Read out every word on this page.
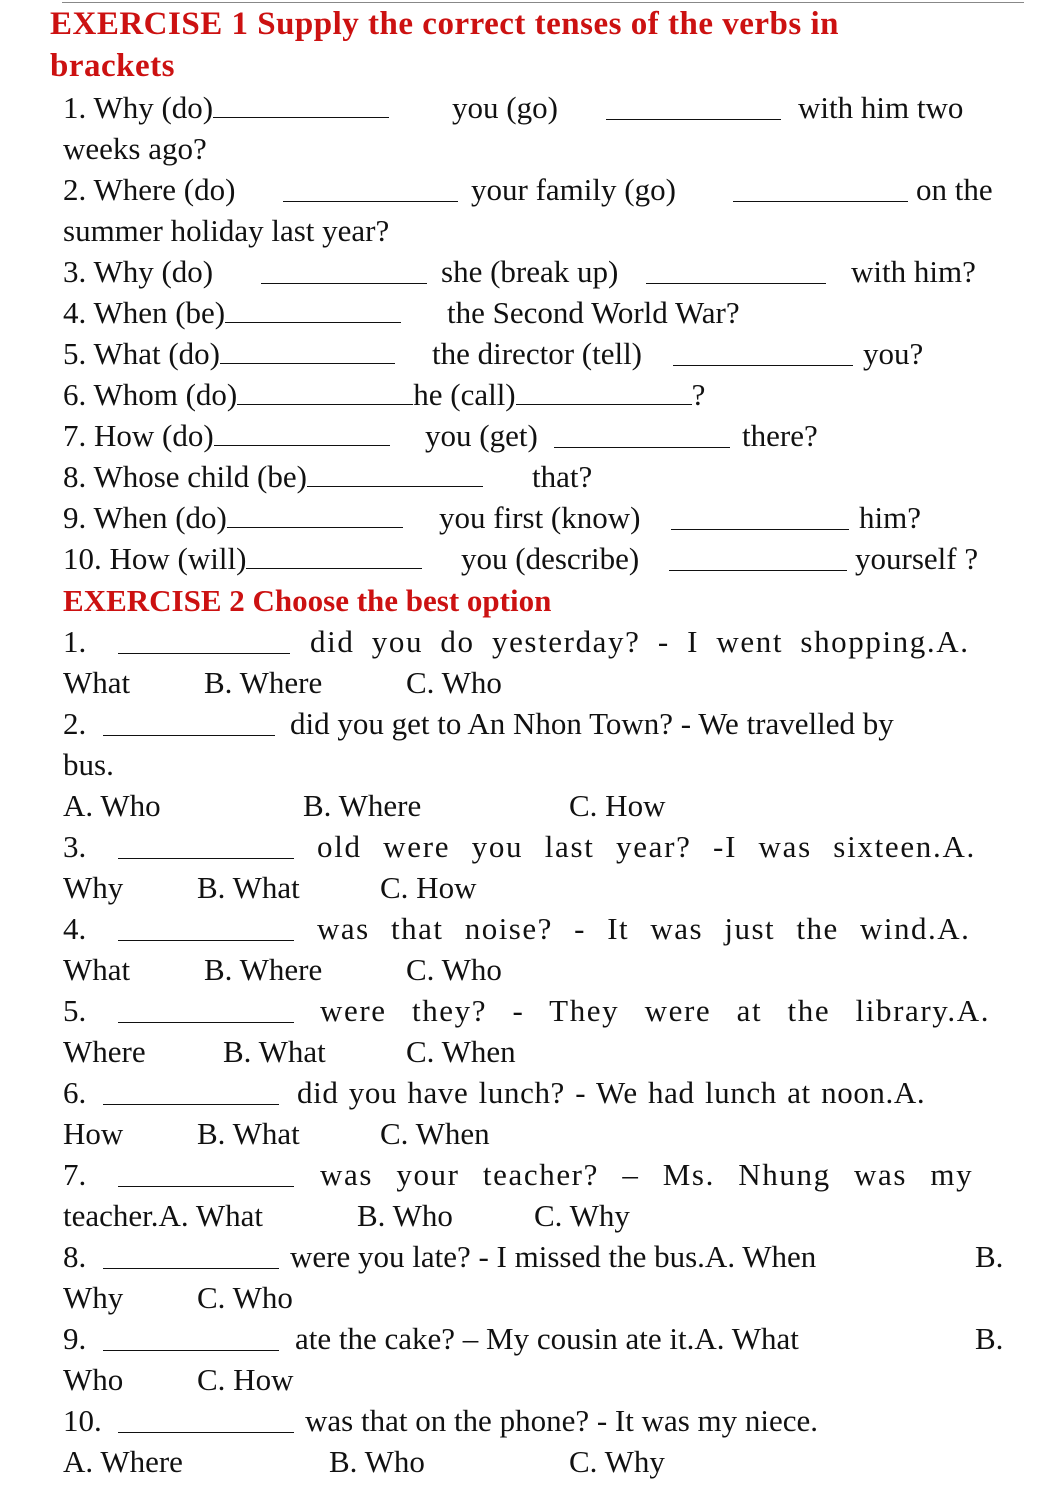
EXERCISE 1 Supply the correct tenses of the verbs in
brackets
1. Why (do)	you (go)	with him two
weeks ago?
2. Where (do)	your family (go)	on the
summer holiday last year?
3. Why (do)	she (break up)	with him?
4. When (be)	the Second World War?
5. What (do)	the director (tell)	you?
6. Whom (do)	he (call)	?
7. How (do)	you (get)	there?
8. Whose child (be)	that?
9. When (do)	you first (know)	him?
10. How (will)	you (describe)	yourself ?
EXERCISE 2 Choose the best option
1.	did you do yesterday? - I went shopping.A.
What B. Where	C. Who
2.	did you get to An Nhon Town? - We travelled by
bus.
A. Who	B. Where	C. How
3.	old were you last year? -I was sixteen.A.
Why B. What	C. How
4.	was that noise? - It was just the wind.A.
What B. Where	C. Who
5.	were they? - They were at the library.A.
Where B. What	C. When
6.	did you have lunch? - We had lunch at noon.A.
How B. What	C. When
7.	was your teacher? – Ms. Nhung was my
teacher.A. What	B. Who	C. Why
8.	were you late? - I missed the bus.A. When	B.
Why C. Who
9.	ate the cake? – My cousin ate it.A. What	B.
Who C. How
10.	was that on the phone? - It was my niece.
A. Where	B. Who	C. Why
